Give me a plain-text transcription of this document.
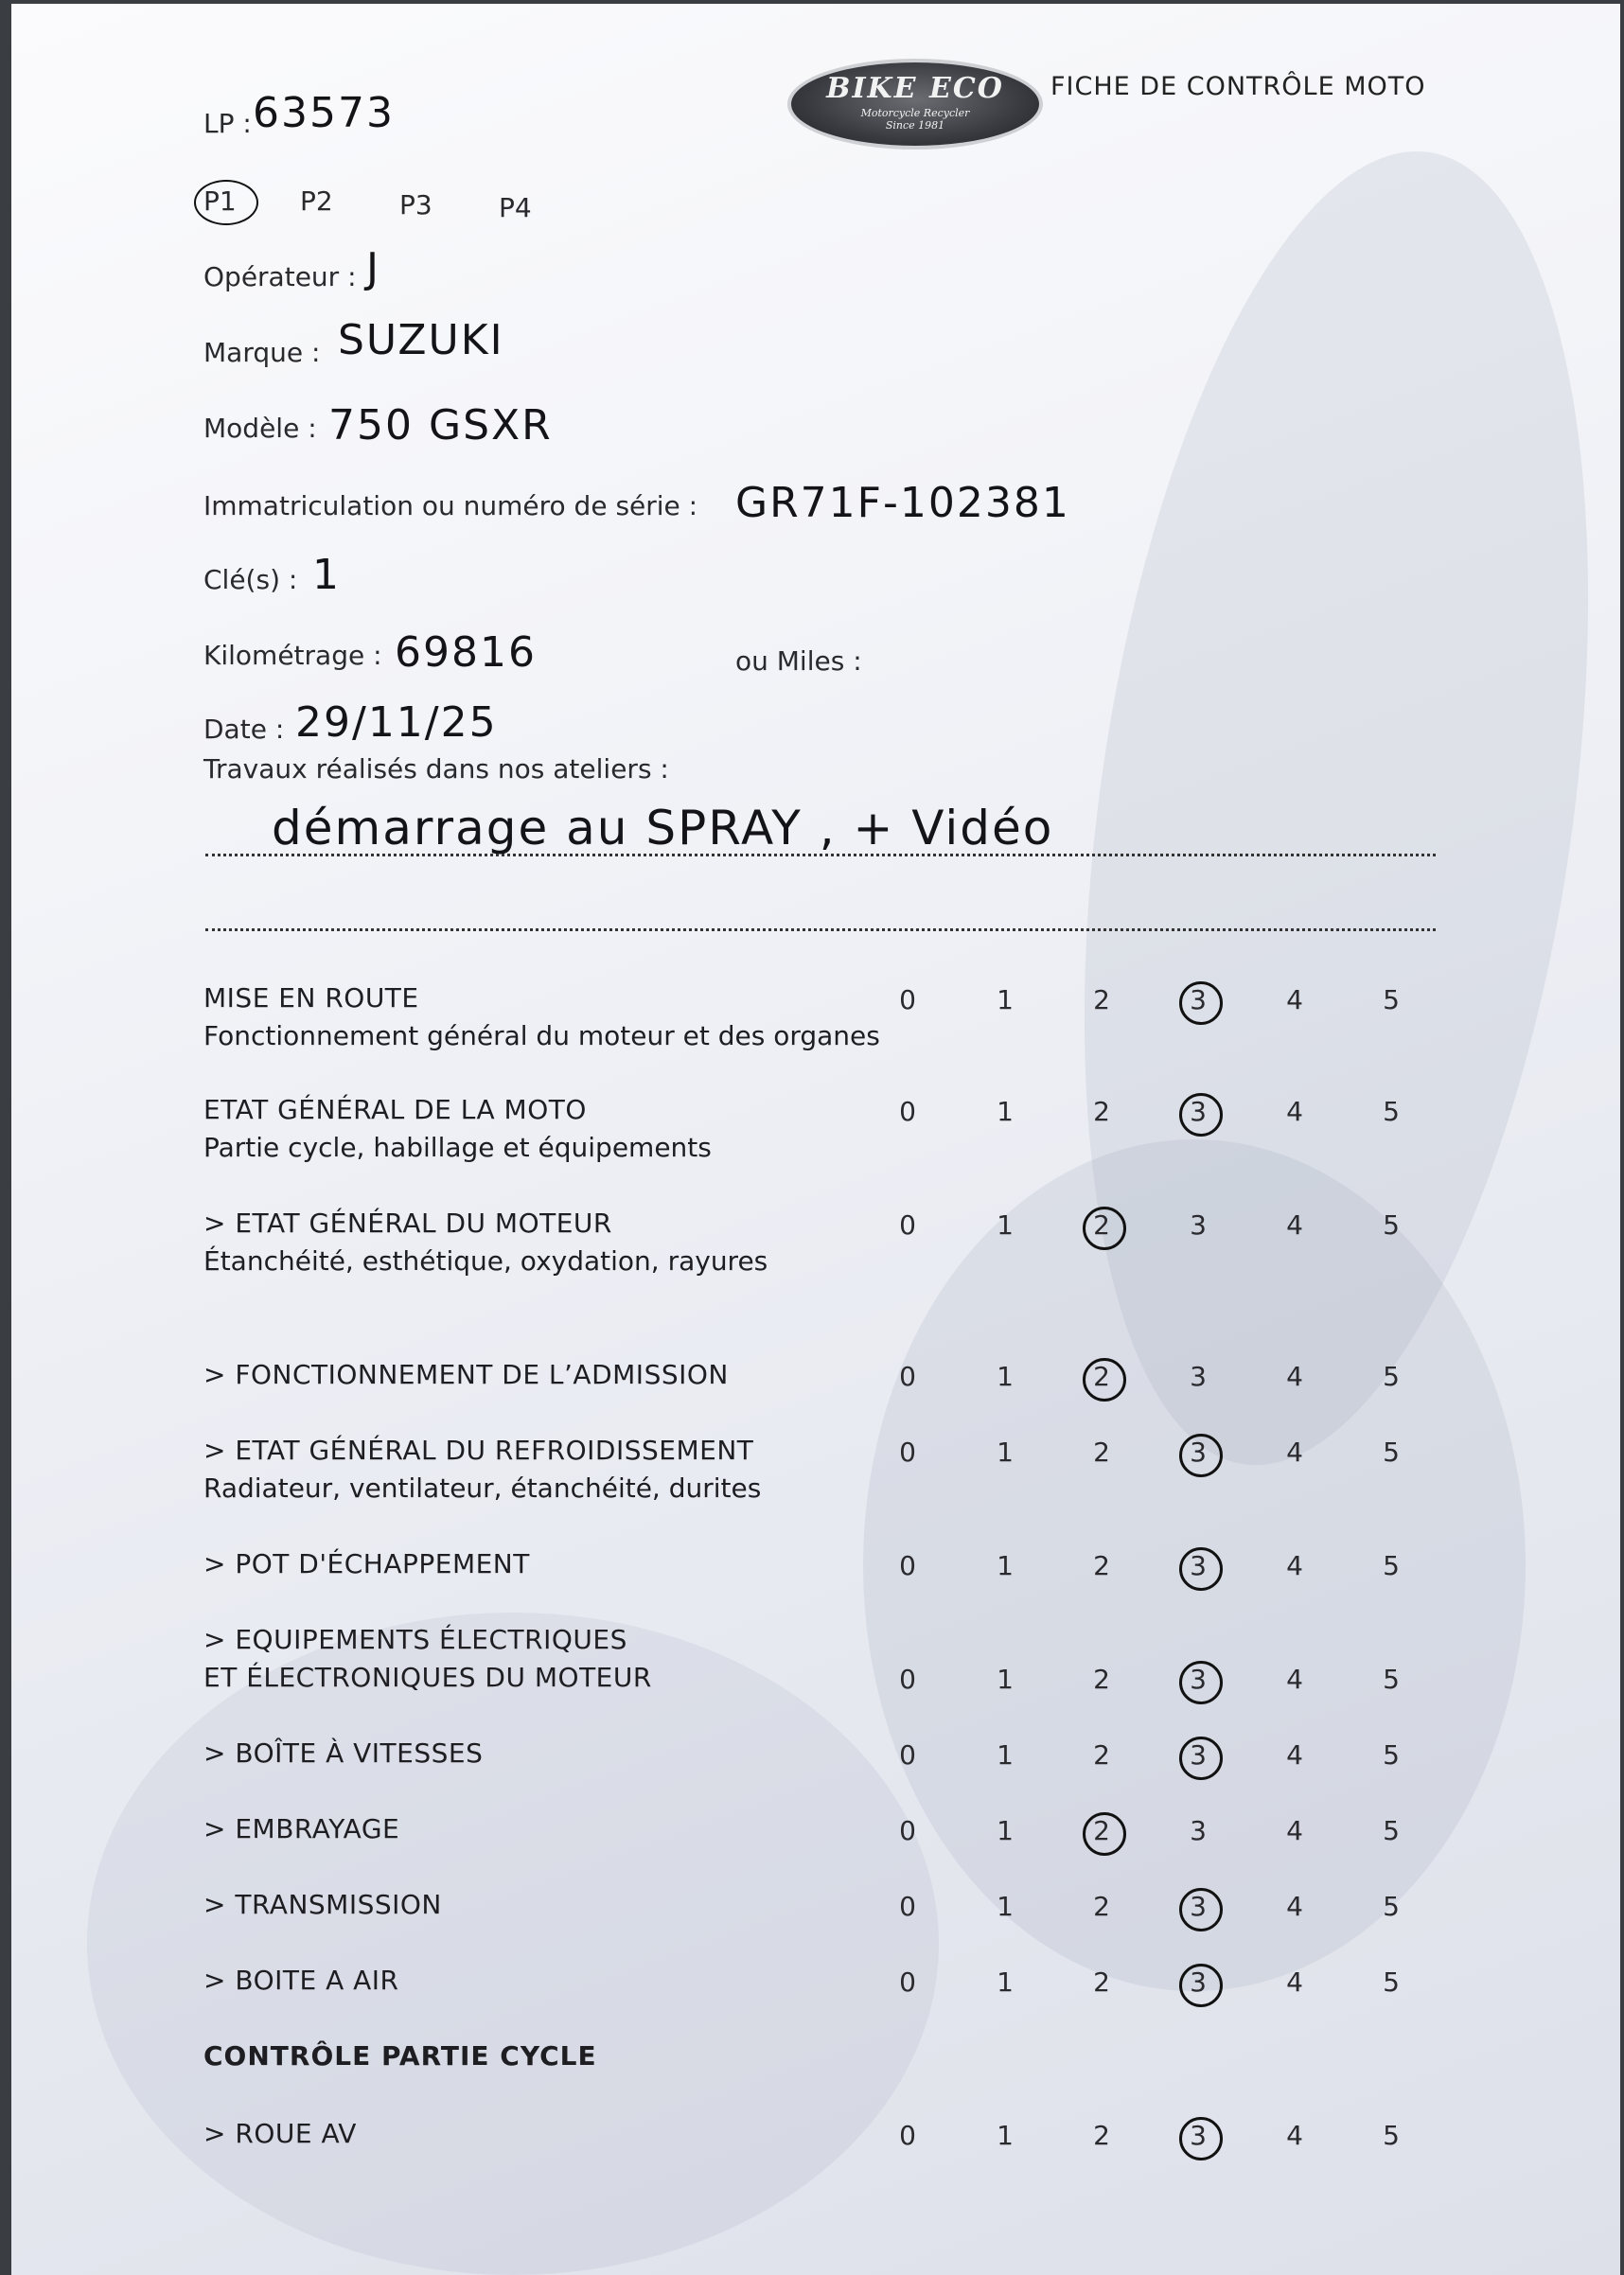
LP : 63573
BIKE ECO
Motorcycle Recycler
Since 1981
FICHE DE CONTRÔLE MOTO
P1 P2	P3	P4
Opérateur : J
Marque : SUZUKI
Modèle : 750 GSXR
Immatriculation ou numéro de série : GR71F-102381
Clé(s) : 1
Kilométrage : 69816	ou Miles :
Date : 29/11/25
Travaux réalisés dans nos ateliers :
démarrage au SPRAY , + Vidéo
MISE EN ROUTE
Fonctionnement général du moteur et des organes
0	1	2	3	4	5
ETAT GÉNÉRAL DE LA MOTO
Partie cycle, habillage et équipements
0	1	2	3	4	5
> ETAT GÉNÉRAL DU MOTEUR
Étanchéité, esthétique, oxydation, rayures
0	1	2	3	4	5
> FONCTIONNEMENT DE L’ADMISSION	0	1	2	3	4	5
> ETAT GÉNÉRAL DU REFROIDISSEMENT
Radiateur, ventilateur, étanchéité, durites
0	1	2	3	4	5
> POT D'ÉCHAPPEMENT	0	1	2	3	4	5
> EQUIPEMENTS ÉLECTRIQUES
ET ÉLECTRONIQUES DU MOTEUR	0	1	2	3	4	5
> BOÎTE À VITESSES	0	1	2	3	4	5
> EMBRAYAGE	0	1	2	3	4	5
> TRANSMISSION	0	1	2	3	4	5
> BOITE A AIR	0	1	2	3	4	5
CONTRÔLE PARTIE CYCLE
> ROUE AV	0	1	2	3	4	5
